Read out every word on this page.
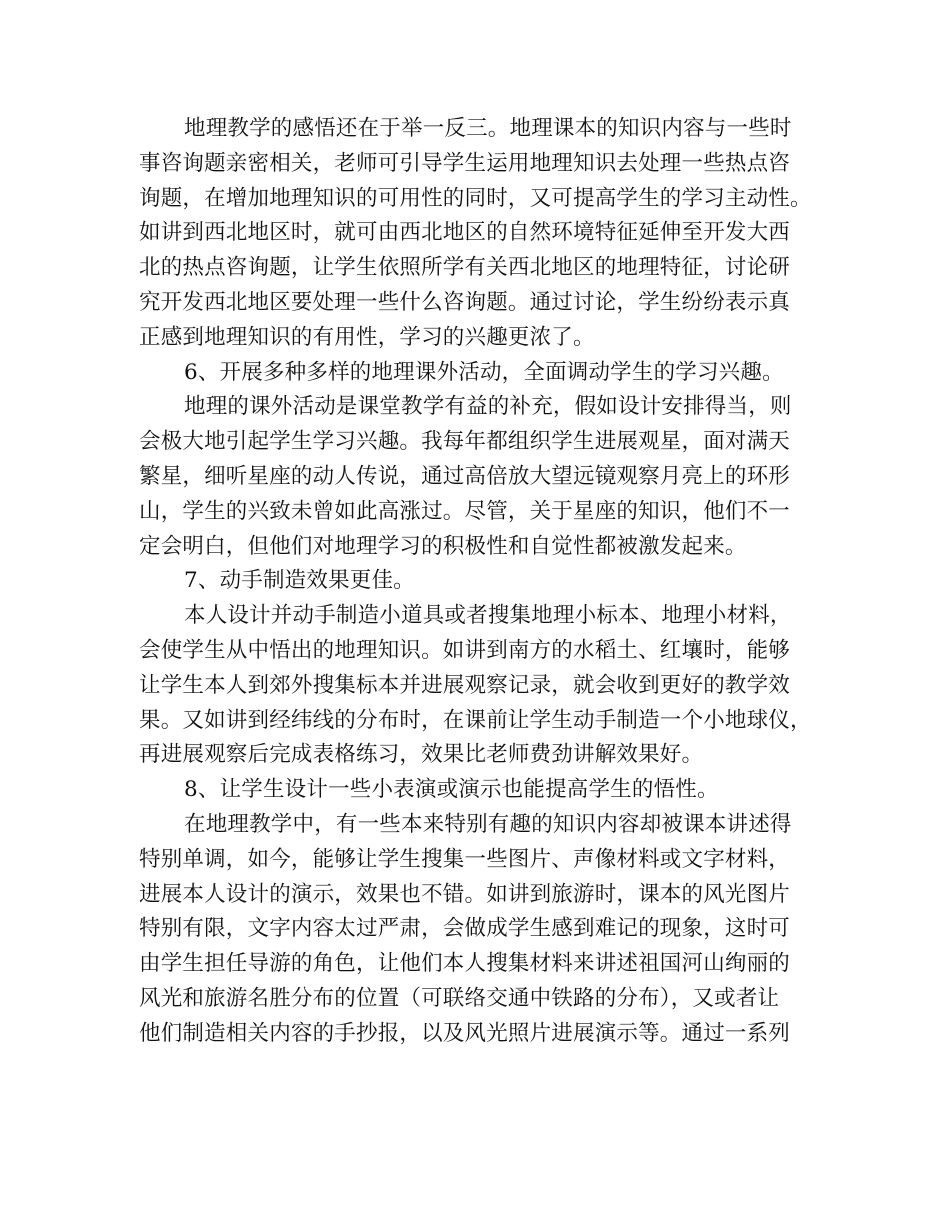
地理教学的感悟还在于举一反三。地理课本的知识内容与一些时
事咨询题亲密相关，老师可引导学生运用地理知识去处理一些热点咨
询题，在增加地理知识的可用性的同时，又可提高学生的学习主动性。
如讲到西北地区时，就可由西北地区的自然环境特征延伸至开发大西
北的热点咨询题，让学生依照所学有关西北地区的地理特征，讨论研
究开发西北地区要处理一些什么咨询题。通过讨论，学生纷纷表示真
正感到地理知识的有用性，学习的兴趣更浓了。
6、开展多种多样的地理课外活动，全面调动学生的学习兴趣。
地理的课外活动是课堂教学有益的补充，假如设计安排得当，则
会极大地引起学生学习兴趣。我每年都组织学生进展观星，面对满天
繁星，细听星座的动人传说，通过高倍放大望远镜观察月亮上的环形
山，学生的兴致未曾如此高涨过。尽管，关于星座的知识，他们不一
定会明白，但他们对地理学习的积极性和自觉性都被激发起来。
7、动手制造效果更佳。
本人设计并动手制造小道具或者搜集地理小标本、地理小材料，
会使学生从中悟出的地理知识。如讲到南方的水稻土、红壤时，能够
让学生本人到郊外搜集标本并进展观察记录，就会收到更好的教学效
果。又如讲到经纬线的分布时，在课前让学生动手制造一个小地球仪，
再进展观察后完成表格练习，效果比老师费劲讲解效果好。
8、让学生设计一些小表演或演示也能提高学生的悟性。
在地理教学中，有一些本来特别有趣的知识内容却被课本讲述得
特别单调，如今，能够让学生搜集一些图片、声像材料或文字材料，
进展本人设计的演示，效果也不错。如讲到旅游时，课本的风光图片
特别有限，文字内容太过严肃，会做成学生感到难记的现象，这时可
由学生担任导游的角色，让他们本人搜集材料来讲述祖国河山绚丽的
风光和旅游名胜分布的位置（可联络交通中铁路的分布），又或者让
他们制造相关内容的手抄报，以及风光照片进展演示等。通过一系列
